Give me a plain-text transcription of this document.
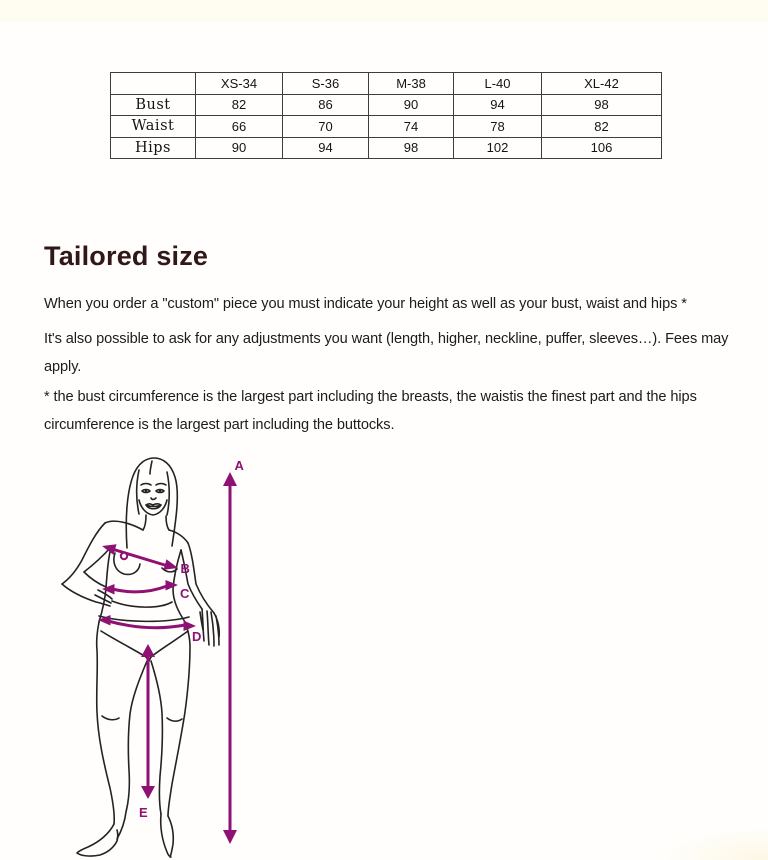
	XS-34	S-36	M-38	L-40	XL-42
Bust	82	86	90	94	98
Waist	66	70	74	78	82
Hips	90	94	98	102	106
Tailored size
When you order a "custom" piece you must indicate your height as well as your bust, waist and hips *
It's also possible to ask for any adjustments you want (length, higher, neckline, puffer, sleeves…). Fees may
apply.
* the bust circumference is the largest part including the breasts, the waistis the finest part and the hips
circumference is the largest part including the buttocks.
A
B
C
D
E
